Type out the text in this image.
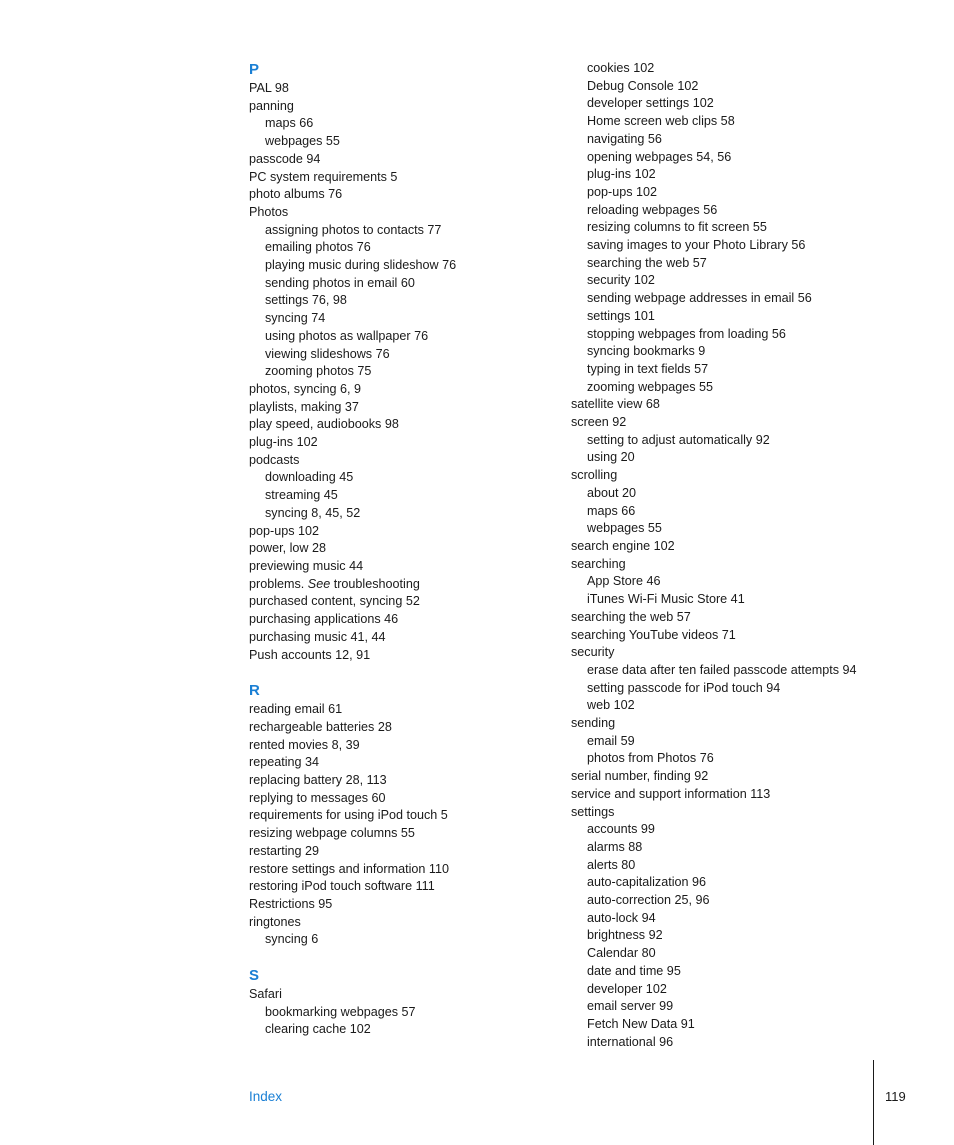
P
PAL 98
panning
maps 66
webpages 55
passcode 94
PC system requirements 5
photo albums 76
Photos
assigning photos to contacts 77
emailing photos 76
playing music during slideshow 76
sending photos in email 60
settings 76, 98
syncing 74
using photos as wallpaper 76
viewing slideshows 76
zooming photos 75
photos, syncing 6, 9
playlists, making 37
play speed, audiobooks 98
plug-ins 102
podcasts
downloading 45
streaming 45
syncing 8, 45, 52
pop-ups 102
power, low 28
previewing music 44
problems. See troubleshooting
purchased content, syncing 52
purchasing applications 46
purchasing music 41, 44
Push accounts 12, 91
R
reading email 61
rechargeable batteries 28
rented movies 8, 39
repeating 34
replacing battery 28, 113
replying to messages 60
requirements for using iPod touch 5
resizing webpage columns 55
restarting 29
restore settings and information 110
restoring iPod touch software 111
Restrictions 95
ringtones
syncing 6
S
Safari
bookmarking webpages 57
clearing cache 102
cookies 102
Debug Console 102
developer settings 102
Home screen web clips 58
navigating 56
opening webpages 54, 56
plug-ins 102
pop-ups 102
reloading webpages 56
resizing columns to fit screen 55
saving images to your Photo Library 56
searching the web 57
security 102
sending webpage addresses in email 56
settings 101
stopping webpages from loading 56
syncing bookmarks 9
typing in text fields 57
zooming webpages 55
satellite view 68
screen 92
setting to adjust automatically 92
using 20
scrolling
about 20
maps 66
webpages 55
search engine 102
searching
App Store 46
iTunes Wi-Fi Music Store 41
searching the web 57
searching YouTube videos 71
security
erase data after ten failed passcode attempts 94
setting passcode for iPod touch 94
web 102
sending
email 59
photos from Photos 76
serial number, finding 92
service and support information 113
settings
accounts 99
alarms 88
alerts 80
auto-capitalization 96
auto-correction 25, 96
auto-lock 94
brightness 92
Calendar 80
date and time 95
developer 102
email server 99
Fetch New Data 91
international 96
Index	119
